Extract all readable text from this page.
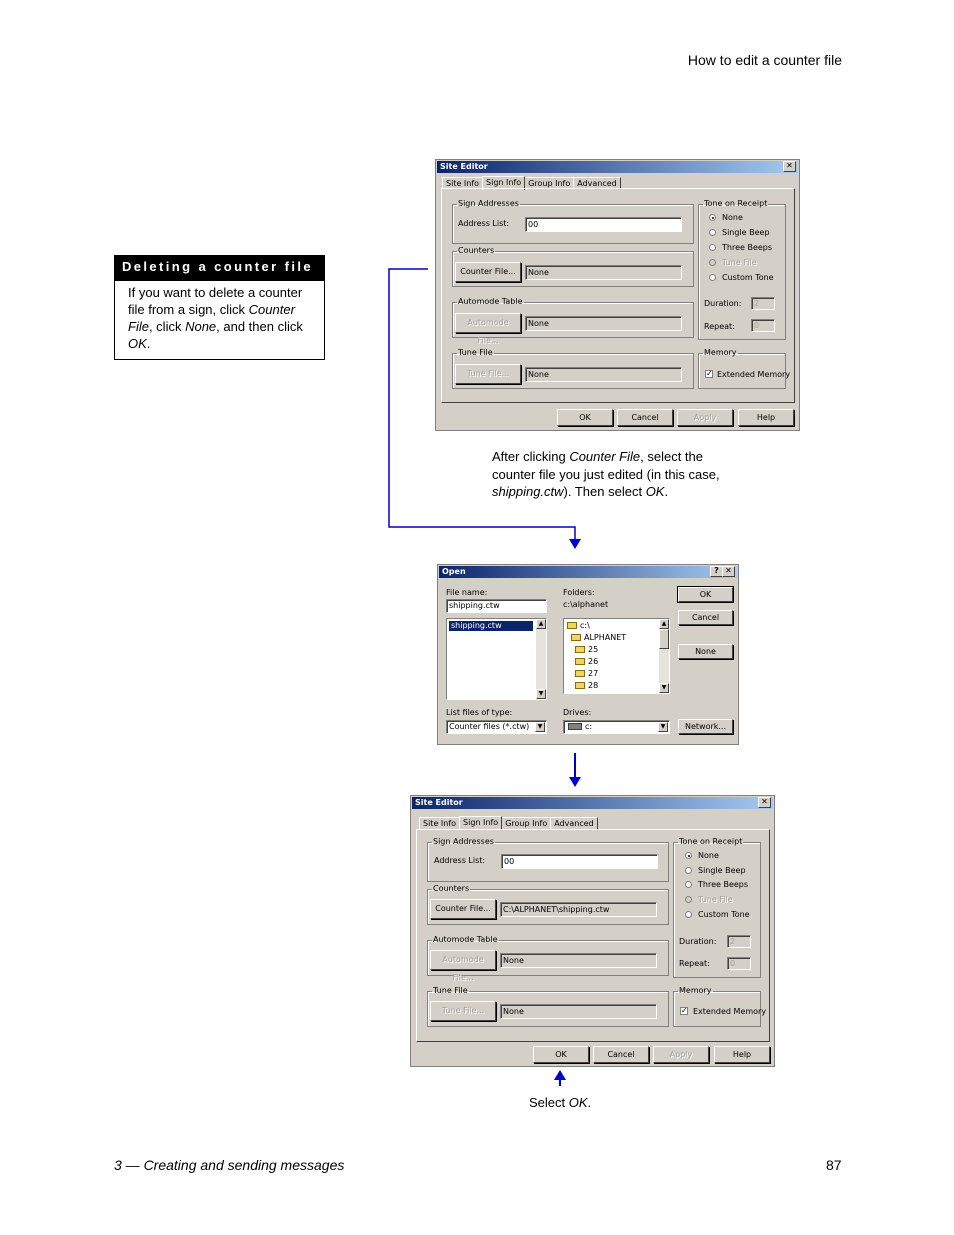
How to edit a counter file
Deleting a counter file
If you want to delete a counter file from a sign, click Counter File, click None, and then click OK.
Site Editor	✕
Site Info Sign Info Group Info Advanced
Sign Addresses
Address List:	00
Counters
Counter File...	None
Automode Table
Automode File...
None
Tune File
Tune File...	None
Tone on Receipt
None
Single Beep
Three Beeps
Tune File
Custom Tone
Duration:	2
Repeat:	0
Memory
✓ Extended Memory
OK	Cancel	Apply	Help
After clicking Counter File, select the counter file you just edited (in this case, shipping.ctw). Then select OK.
Open	? ✕
File name:
shipping.ctw
shipping.ctw	▲
▼
Folders:
c:\alphanet
c:\
ALPHANET
25
26
27
28
▲
▼
List files of type:
Counter files (*.ctw)	▼
Drives:
c:	▼
OK
Cancel
None
Network...
Site Editor	✕
Site Info Sign Info Group Info Advanced
Sign Addresses
Address List:	00
Counters
Counter File...	C:\ALPHANET\shipping.ctw
Automode Table
Automode File...
None
Tune File
Tune File...	None
Tone on Receipt
None
Single Beep
Three Beeps
Tune File
Custom Tone
Duration:	2
Repeat:	0
Memory
✓ Extended Memory
OK	Cancel	Apply	Help
Select OK.
3 — Creating and sending messages	87
